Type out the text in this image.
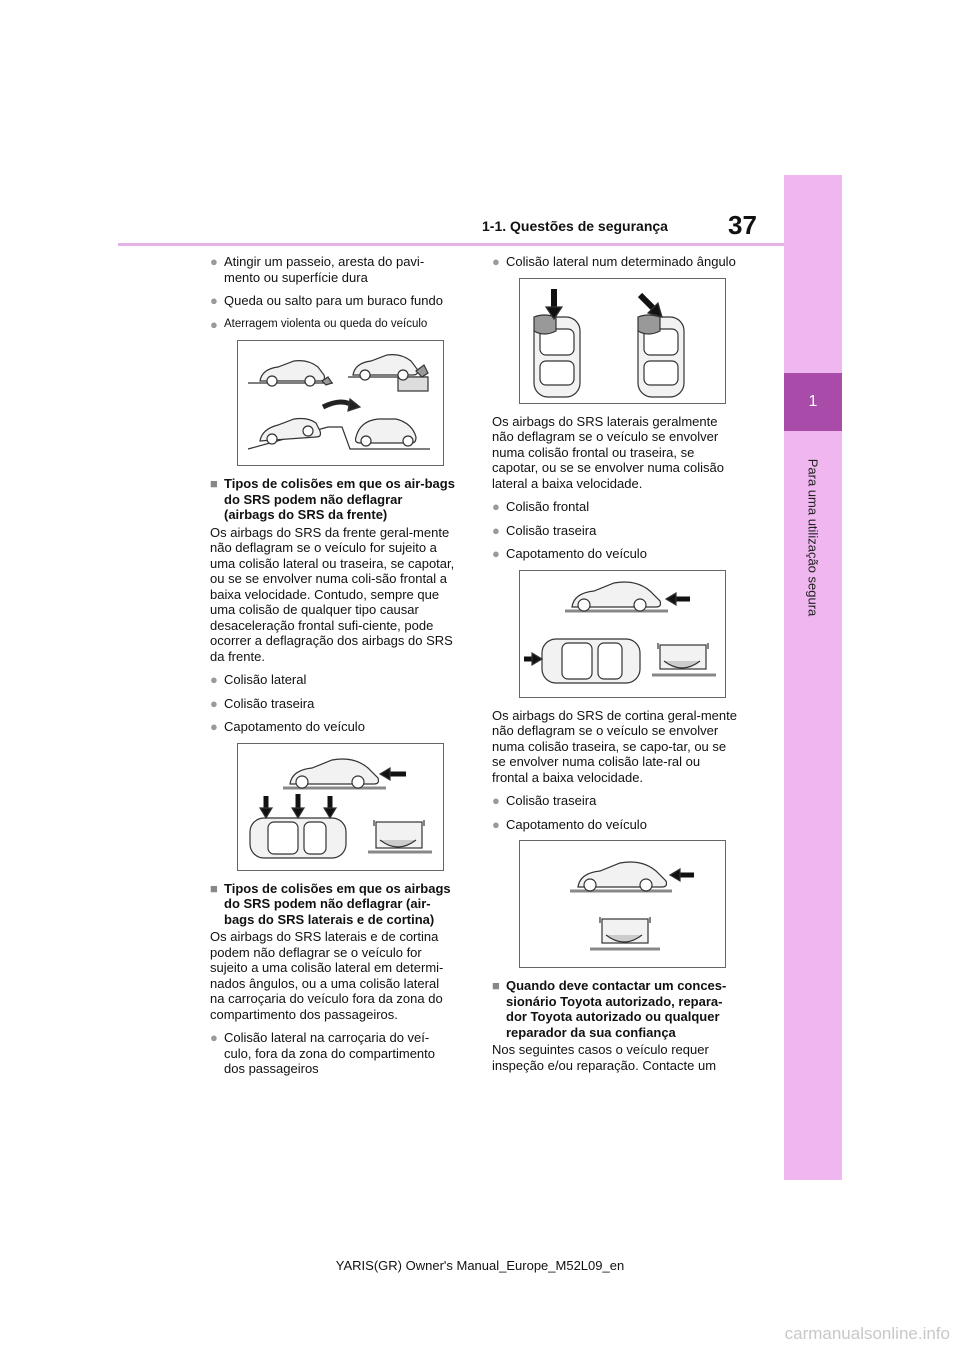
1
Para uma utilização segura
1-1. Questões de segurança 37
●
Atingir um passeio, aresta do pavi-mento ou superfície dura
●
Queda ou salto para um buraco fundo
●
Aterragem violenta ou queda do veículo
■
Tipos de colisões em que os air-bags do SRS podem não deflagrar (airbags do SRS da frente)
Os airbags do SRS da frente geral-mente não deflagram se o veículo for sujeito a uma colisão lateral ou traseira, se capotar, ou se se envolver numa coli-são frontal a baixa velocidade. Contudo, sempre que uma colisão de qualquer tipo causar desaceleração frontal sufi-ciente, pode ocorrer a deflagração dos airbags do SRS da frente.
●
Colisão lateral
●
Colisão traseira
●
Capotamento do veículo
■
Tipos de colisões em que os airbags do SRS podem não deflagrar (air-bags do SRS laterais e de cortina)
Os airbags do SRS laterais e de cortina podem não deflagrar se o veículo for sujeito a uma colisão lateral em determi-nados ângulos, ou a uma colisão lateral na carroçaria do veículo fora da zona do compartimento dos passageiros.
●
Colisão lateral na carroçaria do veí-culo, fora da zona do compartimento dos passageiros
●
Colisão lateral num determinado ângulo
Os airbags do SRS laterais geralmente não deflagram se o veículo se envolver numa colisão frontal ou traseira, se capotar, ou se se envolver numa colisão lateral a baixa velocidade.
●
Colisão frontal
●
Colisão traseira
●
Capotamento do veículo
Os airbags do SRS de cortina geral-mente não deflagram se o veículo se envolver numa colisão traseira, se capo-tar, ou se se envolver numa colisão late-ral ou frontal a baixa velocidade.
●
Colisão traseira
●
Capotamento do veículo
■
Quando deve contactar um conces-sionário Toyota autorizado, repara-dor Toyota autorizado ou qualquer reparador da sua confiança
Nos seguintes casos o veículo requer inspeção e/ou reparação. Contacte um
YARIS(GR) Owner's Manual_Europe_M52L09_en
carmanualsonline.info
